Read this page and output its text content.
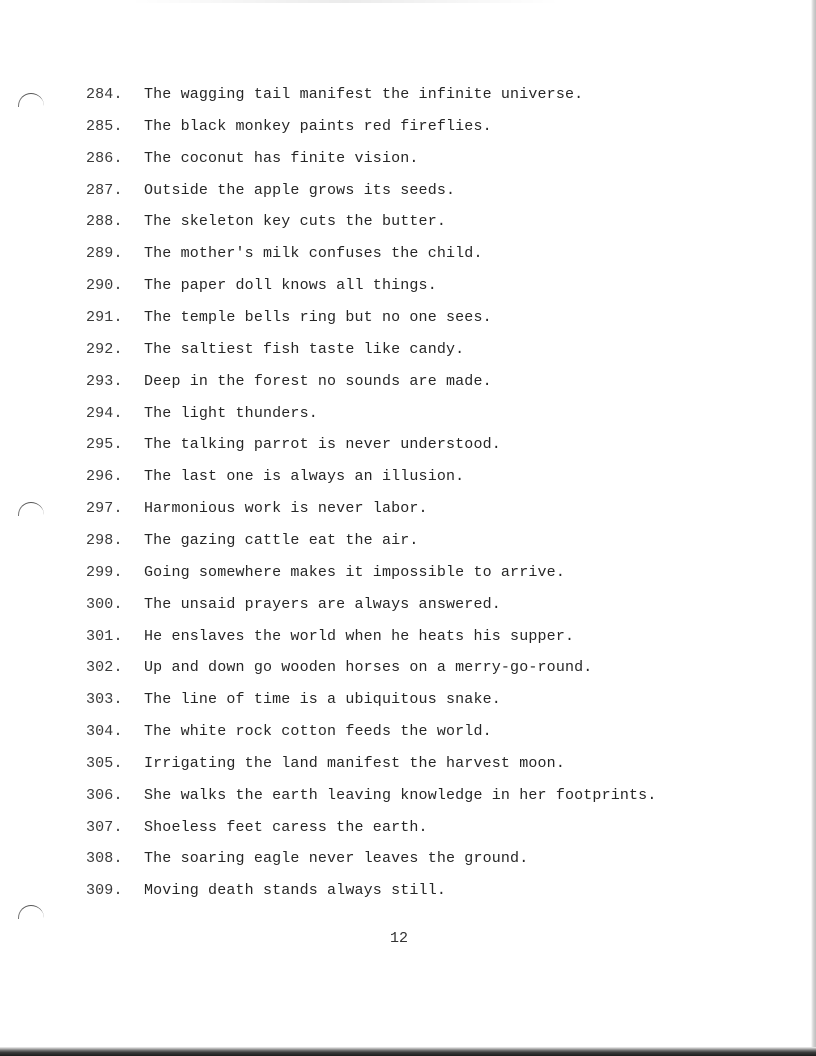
284. The wagging tail manifest the infinite universe.
285. The black monkey paints red fireflies.
286. The coconut has finite vision.
287. Outside the apple grows its seeds.
288. The skeleton key cuts the butter.
289. The mother's milk confuses the child.
290. The paper doll knows all things.
291. The temple bells ring but no one sees.
292. The saltiest fish taste like candy.
293. Deep in the forest no sounds are made.
294. The light thunders.
295. The talking parrot is never understood.
296. The last one is always an illusion.
297. Harmonious work is never labor.
298. The gazing cattle eat the air.
299. Going somewhere makes it impossible to arrive.
300. The unsaid prayers are always answered.
301. He enslaves the world when he heats his supper.
302. Up and down go wooden horses on a merry-go-round.
303. The line of time is a ubiquitous snake.
304. The white rock cotton feeds the world.
305. Irrigating the land manifest the harvest moon.
306. She walks the earth leaving knowledge in her footprints.
307. Shoeless feet caress the earth.
308. The soaring eagle never leaves the ground.
309. Moving death stands always still.
12
